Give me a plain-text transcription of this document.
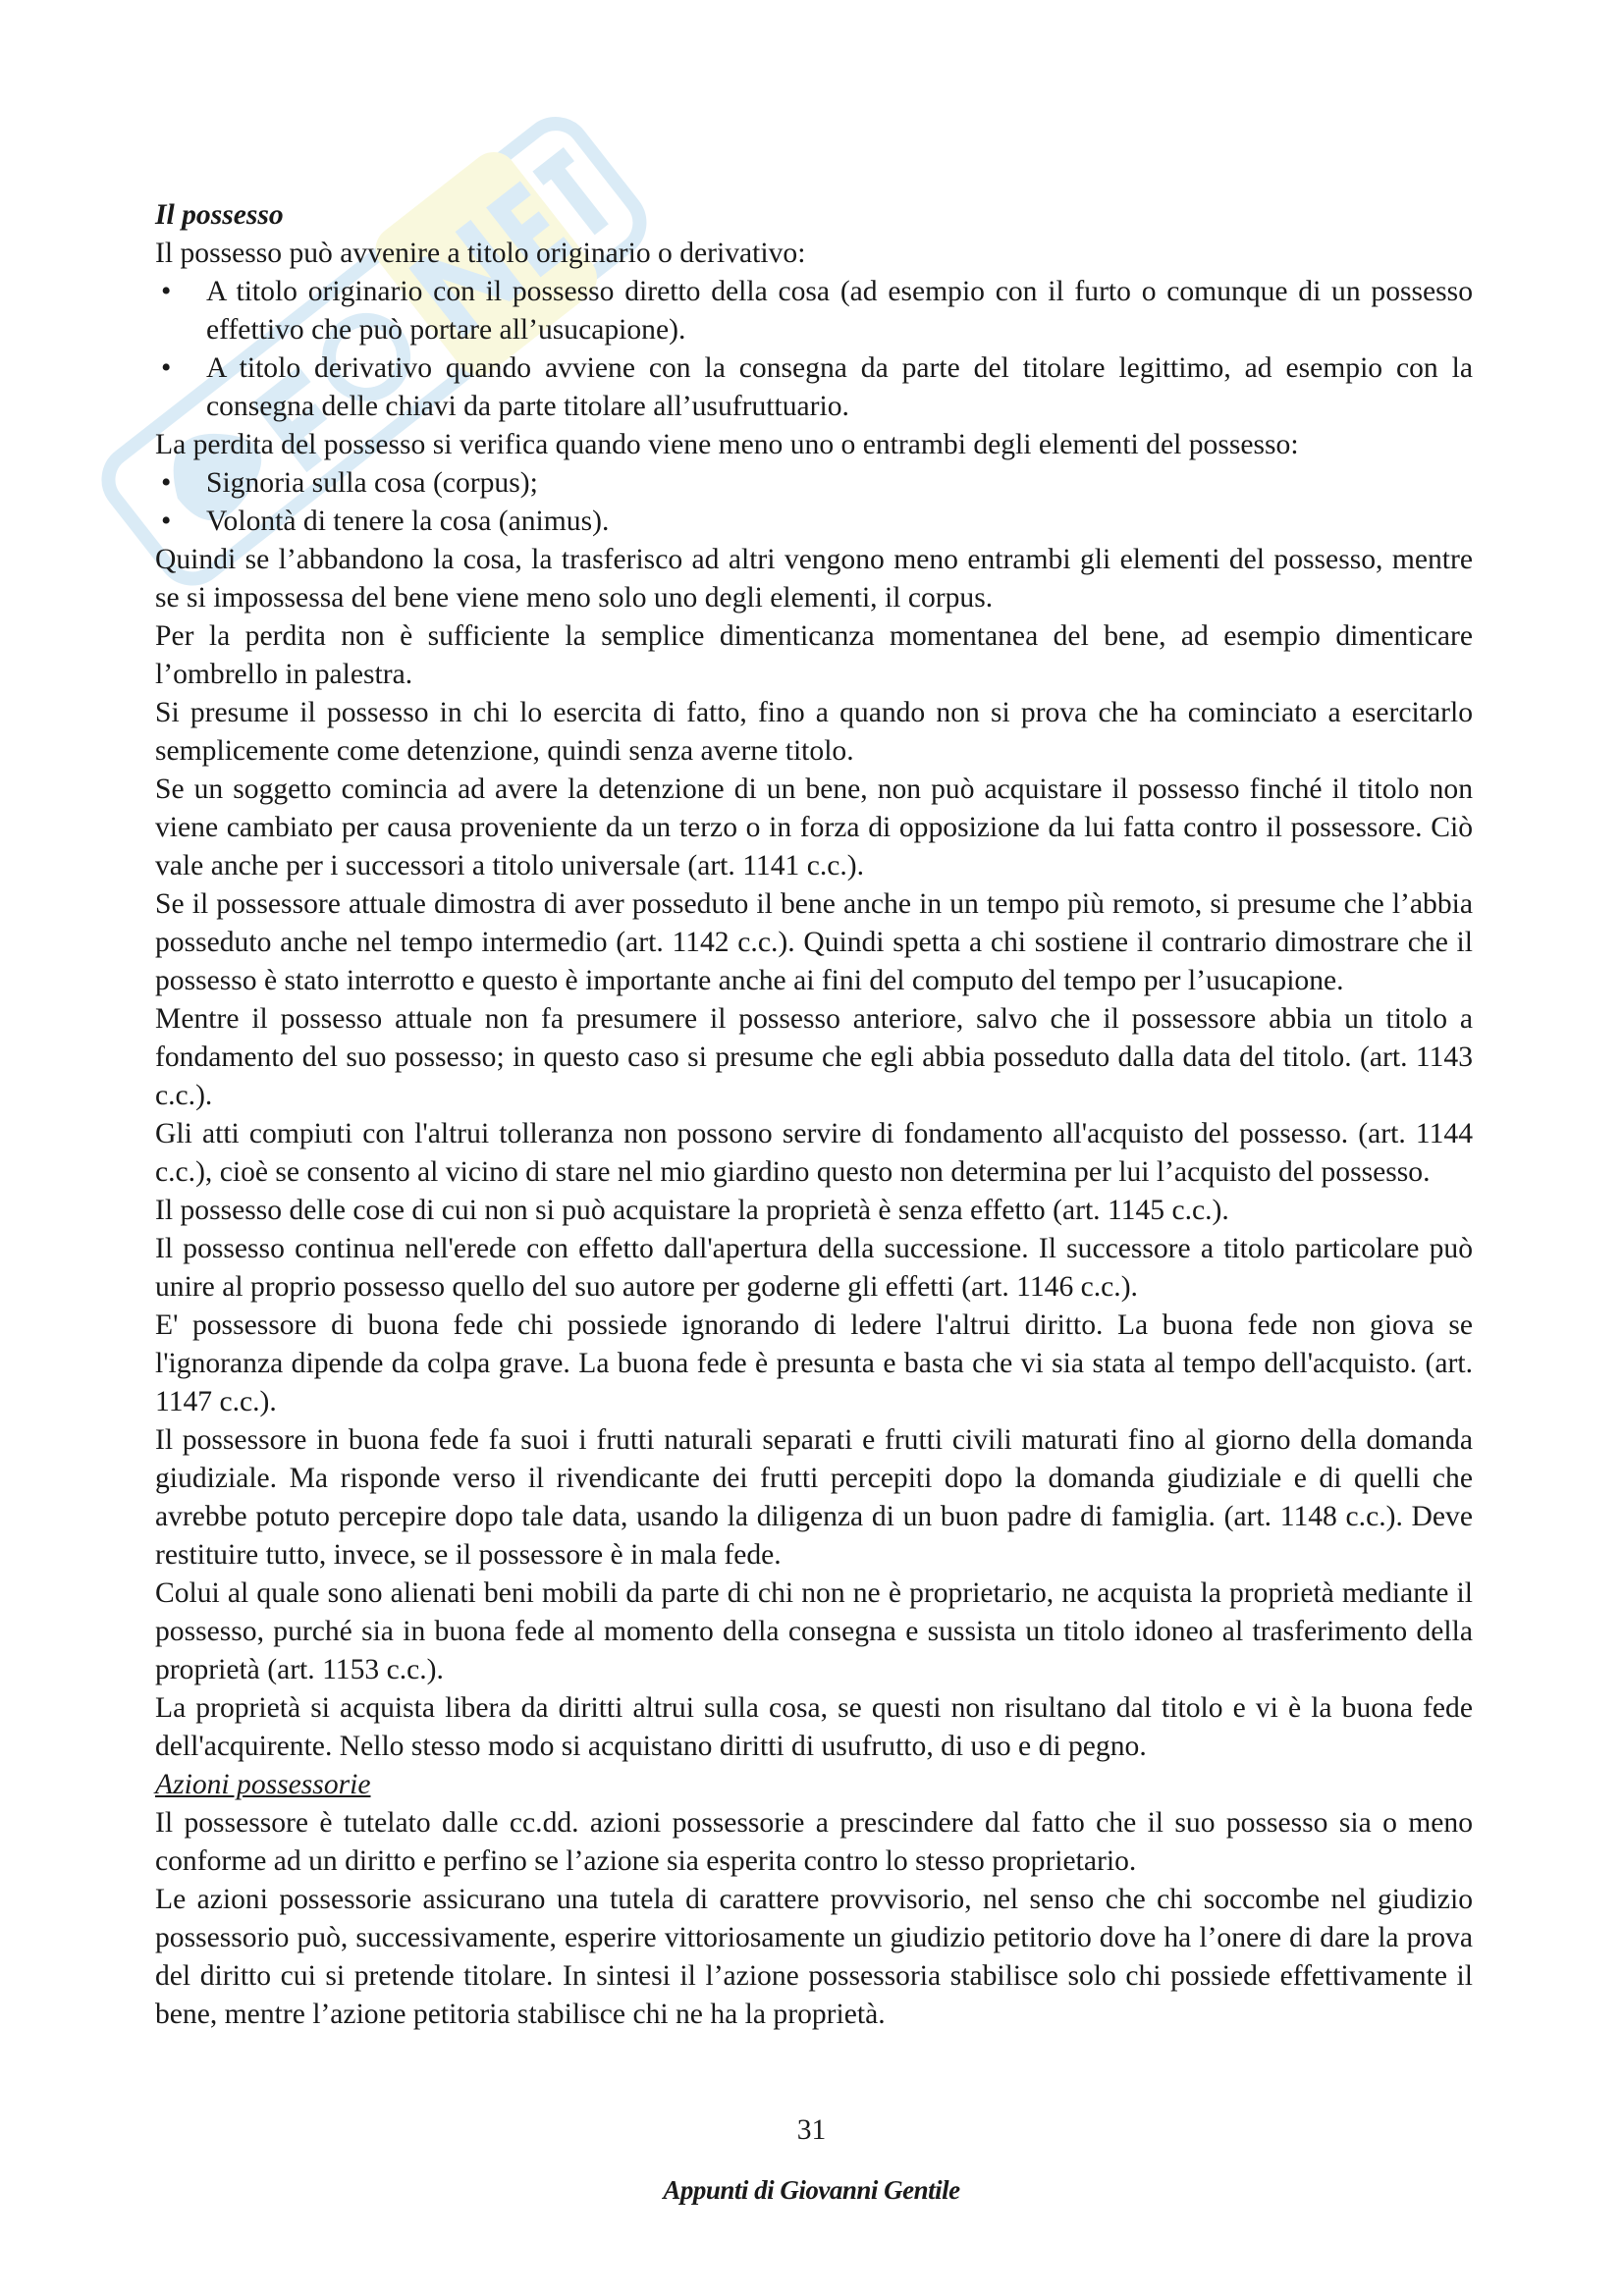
Il possesso

Il possesso può avvenire a titolo originario o derivativo:

• A titolo originario con il possesso diretto della cosa (ad esempio con il furto o comunque di un possesso effettivo che può portare all’usucapione).
• A titolo derivativo quando avviene con la consegna da parte del titolare legittimo, ad esempio con la consegna delle chiavi da parte titolare all’usufruttuario.

La perdita del possesso si verifica quando viene meno uno o entrambi degli elementi del possesso:

• Signoria sulla cosa (corpus);
• Volontà di tenere la cosa (animus).

Quindi se l’abbandono la cosa, la trasferisco ad altri vengono meno entrambi gli elementi del possesso, mentre se si impossessa del bene viene meno solo uno degli elementi, il corpus.

Per la perdita non è sufficiente la semplice dimenticanza momentanea del bene, ad esempio dimenticare l’ombrello in palestra.

Si presume il possesso in chi lo esercita di fatto, fino a quando non si prova che ha cominciato a esercitarlo semplicemente come detenzione, quindi senza averne titolo.

Se un soggetto comincia ad avere la detenzione di un bene, non può acquistare il possesso finché il titolo non viene cambiato per causa proveniente da un terzo o in forza di opposizione da lui fatta contro il possessore. Ciò vale anche per i successori a titolo universale (art. 1141 c.c.).

Se il possessore attuale dimostra di aver posseduto il bene anche in un tempo più remoto, si presume che l’abbia posseduto anche nel tempo intermedio (art. 1142 c.c.). Quindi spetta a chi sostiene il contrario dimostrare che il possesso è stato interrotto e questo è importante anche ai fini del computo del tempo per l’usucapione.

Mentre il possesso attuale non fa presumere il possesso anteriore, salvo che il possessore abbia un titolo a fondamento del suo possesso; in questo caso si presume che egli abbia posseduto dalla data del titolo. (art. 1143 c.c.).

Gli atti compiuti con l'altrui tolleranza non possono servire di fondamento all'acquisto del possesso. (art. 1144 c.c.), cioè se consento al vicino di stare nel mio giardino questo non determina per lui l’acquisto del possesso.

Il possesso delle cose di cui non si può acquistare la proprietà è senza effetto (art. 1145 c.c.).

Il possesso continua nell'erede con effetto dall'apertura della successione. Il successore a titolo particolare può unire al proprio possesso quello del suo autore per goderne gli effetti (art. 1146 c.c.).

E' possessore di buona fede chi possiede ignorando di ledere l'altrui diritto. La buona fede non giova se l'ignoranza dipende da colpa grave. La buona fede è presunta e basta che vi sia stata al tempo dell'acquisto. (art. 1147 c.c.).

Il possessore in buona fede fa suoi i frutti naturali separati e frutti civili maturati fino al giorno della domanda giudiziale. Ma risponde verso il rivendicante dei frutti percepiti dopo la domanda giudiziale e di quelli che avrebbe potuto percepire dopo tale data, usando la diligenza di un buon padre di famiglia. (art. 1148 c.c.). Deve restituire tutto, invece, se il possessore è in mala fede.

Colui al quale sono alienati beni mobili da parte di chi non ne è proprietario, ne acquista la proprietà mediante il possesso, purché sia in buona fede al momento della consegna e sussista un titolo idoneo al trasferimento della proprietà (art. 1153 c.c.).

La proprietà si acquista libera da diritti altrui sulla cosa, se questi non risultano dal titolo e vi è la buona fede dell'acquirente. Nello stesso modo si acquistano diritti di usufrutto, di uso e di pegno.

Azioni possessorie

Il possessore è tutelato dalle cc.dd. azioni possessorie a prescindere dal fatto che il suo possesso sia o meno conforme ad un diritto e perfino se l’azione sia esperita contro lo stesso proprietario.

Le azioni possessorie assicurano una tutela di carattere provvisorio, nel senso che chi soccombe nel giudizio possessorio può, successivamente, esperire vittoriosamente un giudizio petitorio dove ha l’onere di dare la prova del diritto cui si pretende titolare. In sintesi il l’azione possessoria stabilisce solo chi possiede effettivamente il bene, mentre l’azione petitoria stabilisce chi ne ha la proprietà.

31
Appunti di Giovanni Gentile
